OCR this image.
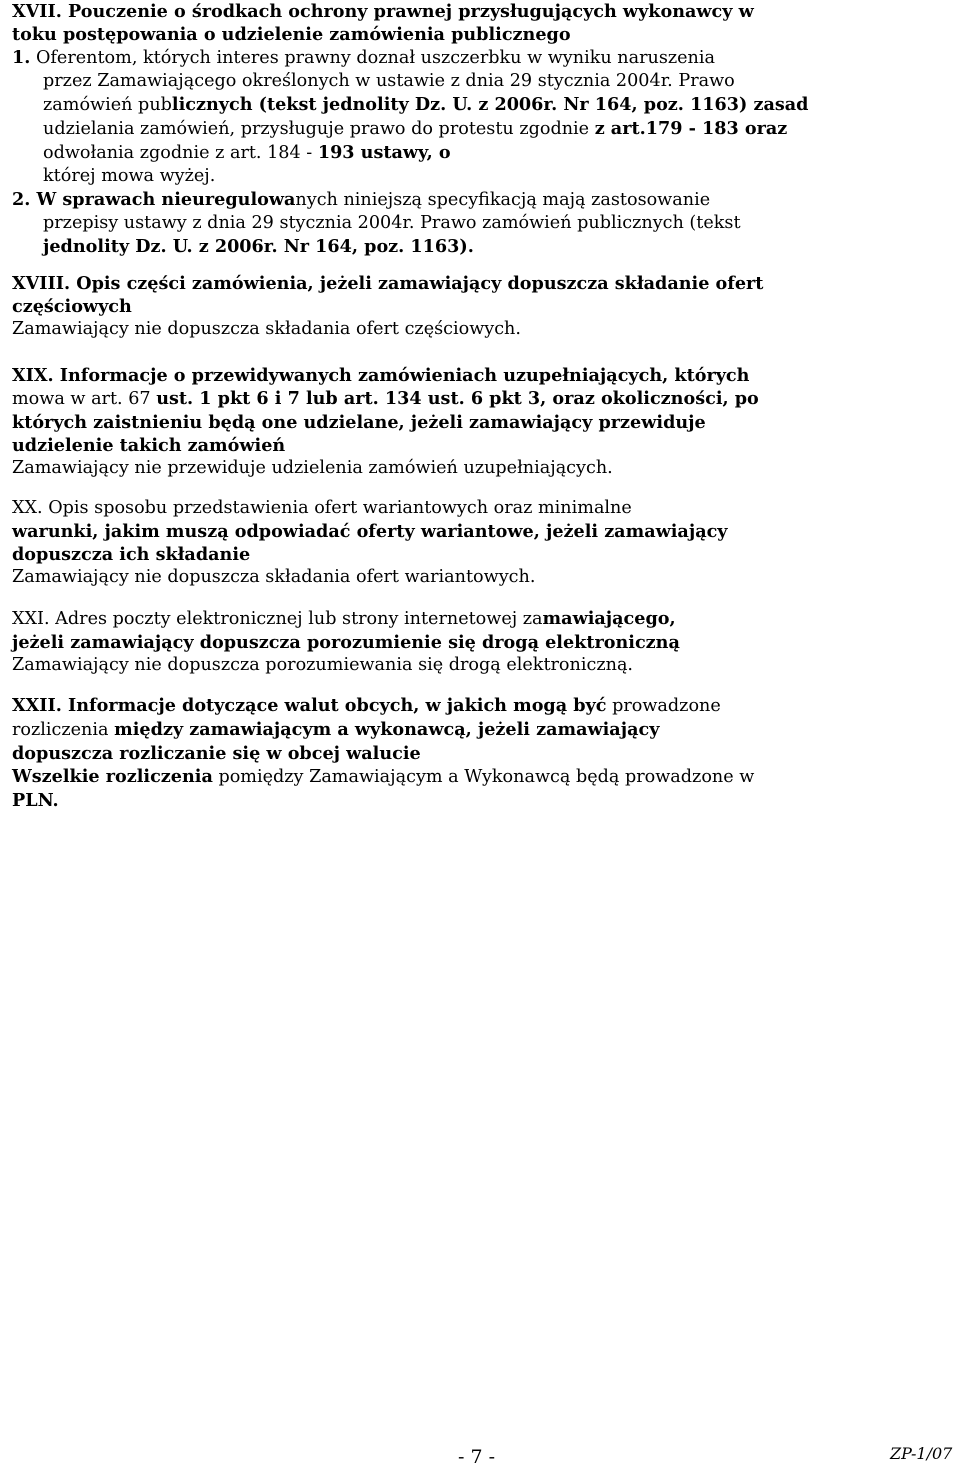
XVII. Pouczenie o środkach ochrony prawnej przysługujących wykonawcy w
toku postępowania o udzielenie zamówienia publicznego
1. Oferentom, których interes prawny doznał uszczerbku w wyniku naruszenia
przez Zamawiającego określonych w ustawie z dnia 29 stycznia 2004r. Prawo
zamówień publicznych (tekst jednolity Dz. U. z 2006r. Nr 164, poz. 1163) zasad
udzielania zamówień, przysługuje prawo do protestu zgodnie z art.179 - 183 oraz
odwołania zgodnie z art. 184 - 193 ustawy, o
której mowa wyżej.
2. W sprawach nieuregulowanych niniejszą specyfikacją mają zastosowanie
przepisy ustawy z dnia 29 stycznia 2004r. Prawo zamówień publicznych (tekst
jednolity Dz. U. z 2006r. Nr 164, poz. 1163).
XVIII. Opis części zamówienia, jeżeli zamawiający dopuszcza składanie ofert
częściowych
Zamawiający nie dopuszcza składania ofert częściowych.
XIX. Informacje o przewidywanych zamówieniach uzupełniających, których
mowa w art. 67 ust. 1 pkt 6 i 7 lub art. 134 ust. 6 pkt 3, oraz okoliczności, po
których zaistnieniu będą one udzielane, jeżeli zamawiający przewiduje
udzielenie takich zamówień
Zamawiający nie przewiduje udzielenia zamówień uzupełniających.
XX. Opis sposobu przedstawienia ofert wariantowych oraz minimalne
warunki, jakim muszą odpowiadać oferty wariantowe, jeżeli zamawiający
dopuszcza ich składanie
Zamawiający nie dopuszcza składania ofert wariantowych.
XXI. Adres poczty elektronicznej lub strony internetowej zamawiającego,
jeżeli zamawiający dopuszcza porozumienie się drogą elektroniczną
Zamawiający nie dopuszcza porozumiewania się drogą elektroniczną.
XXII. Informacje dotyczące walut obcych, w jakich mogą być prowadzone
rozliczenia między zamawiającym a wykonawcą, jeżeli zamawiający
dopuszcza rozliczanie się w obcej walucie
Wszelkie rozliczenia pomiędzy Zamawiającym a Wykonawcą będą prowadzone w
PLN.
- 7 -	ZP-1/07
